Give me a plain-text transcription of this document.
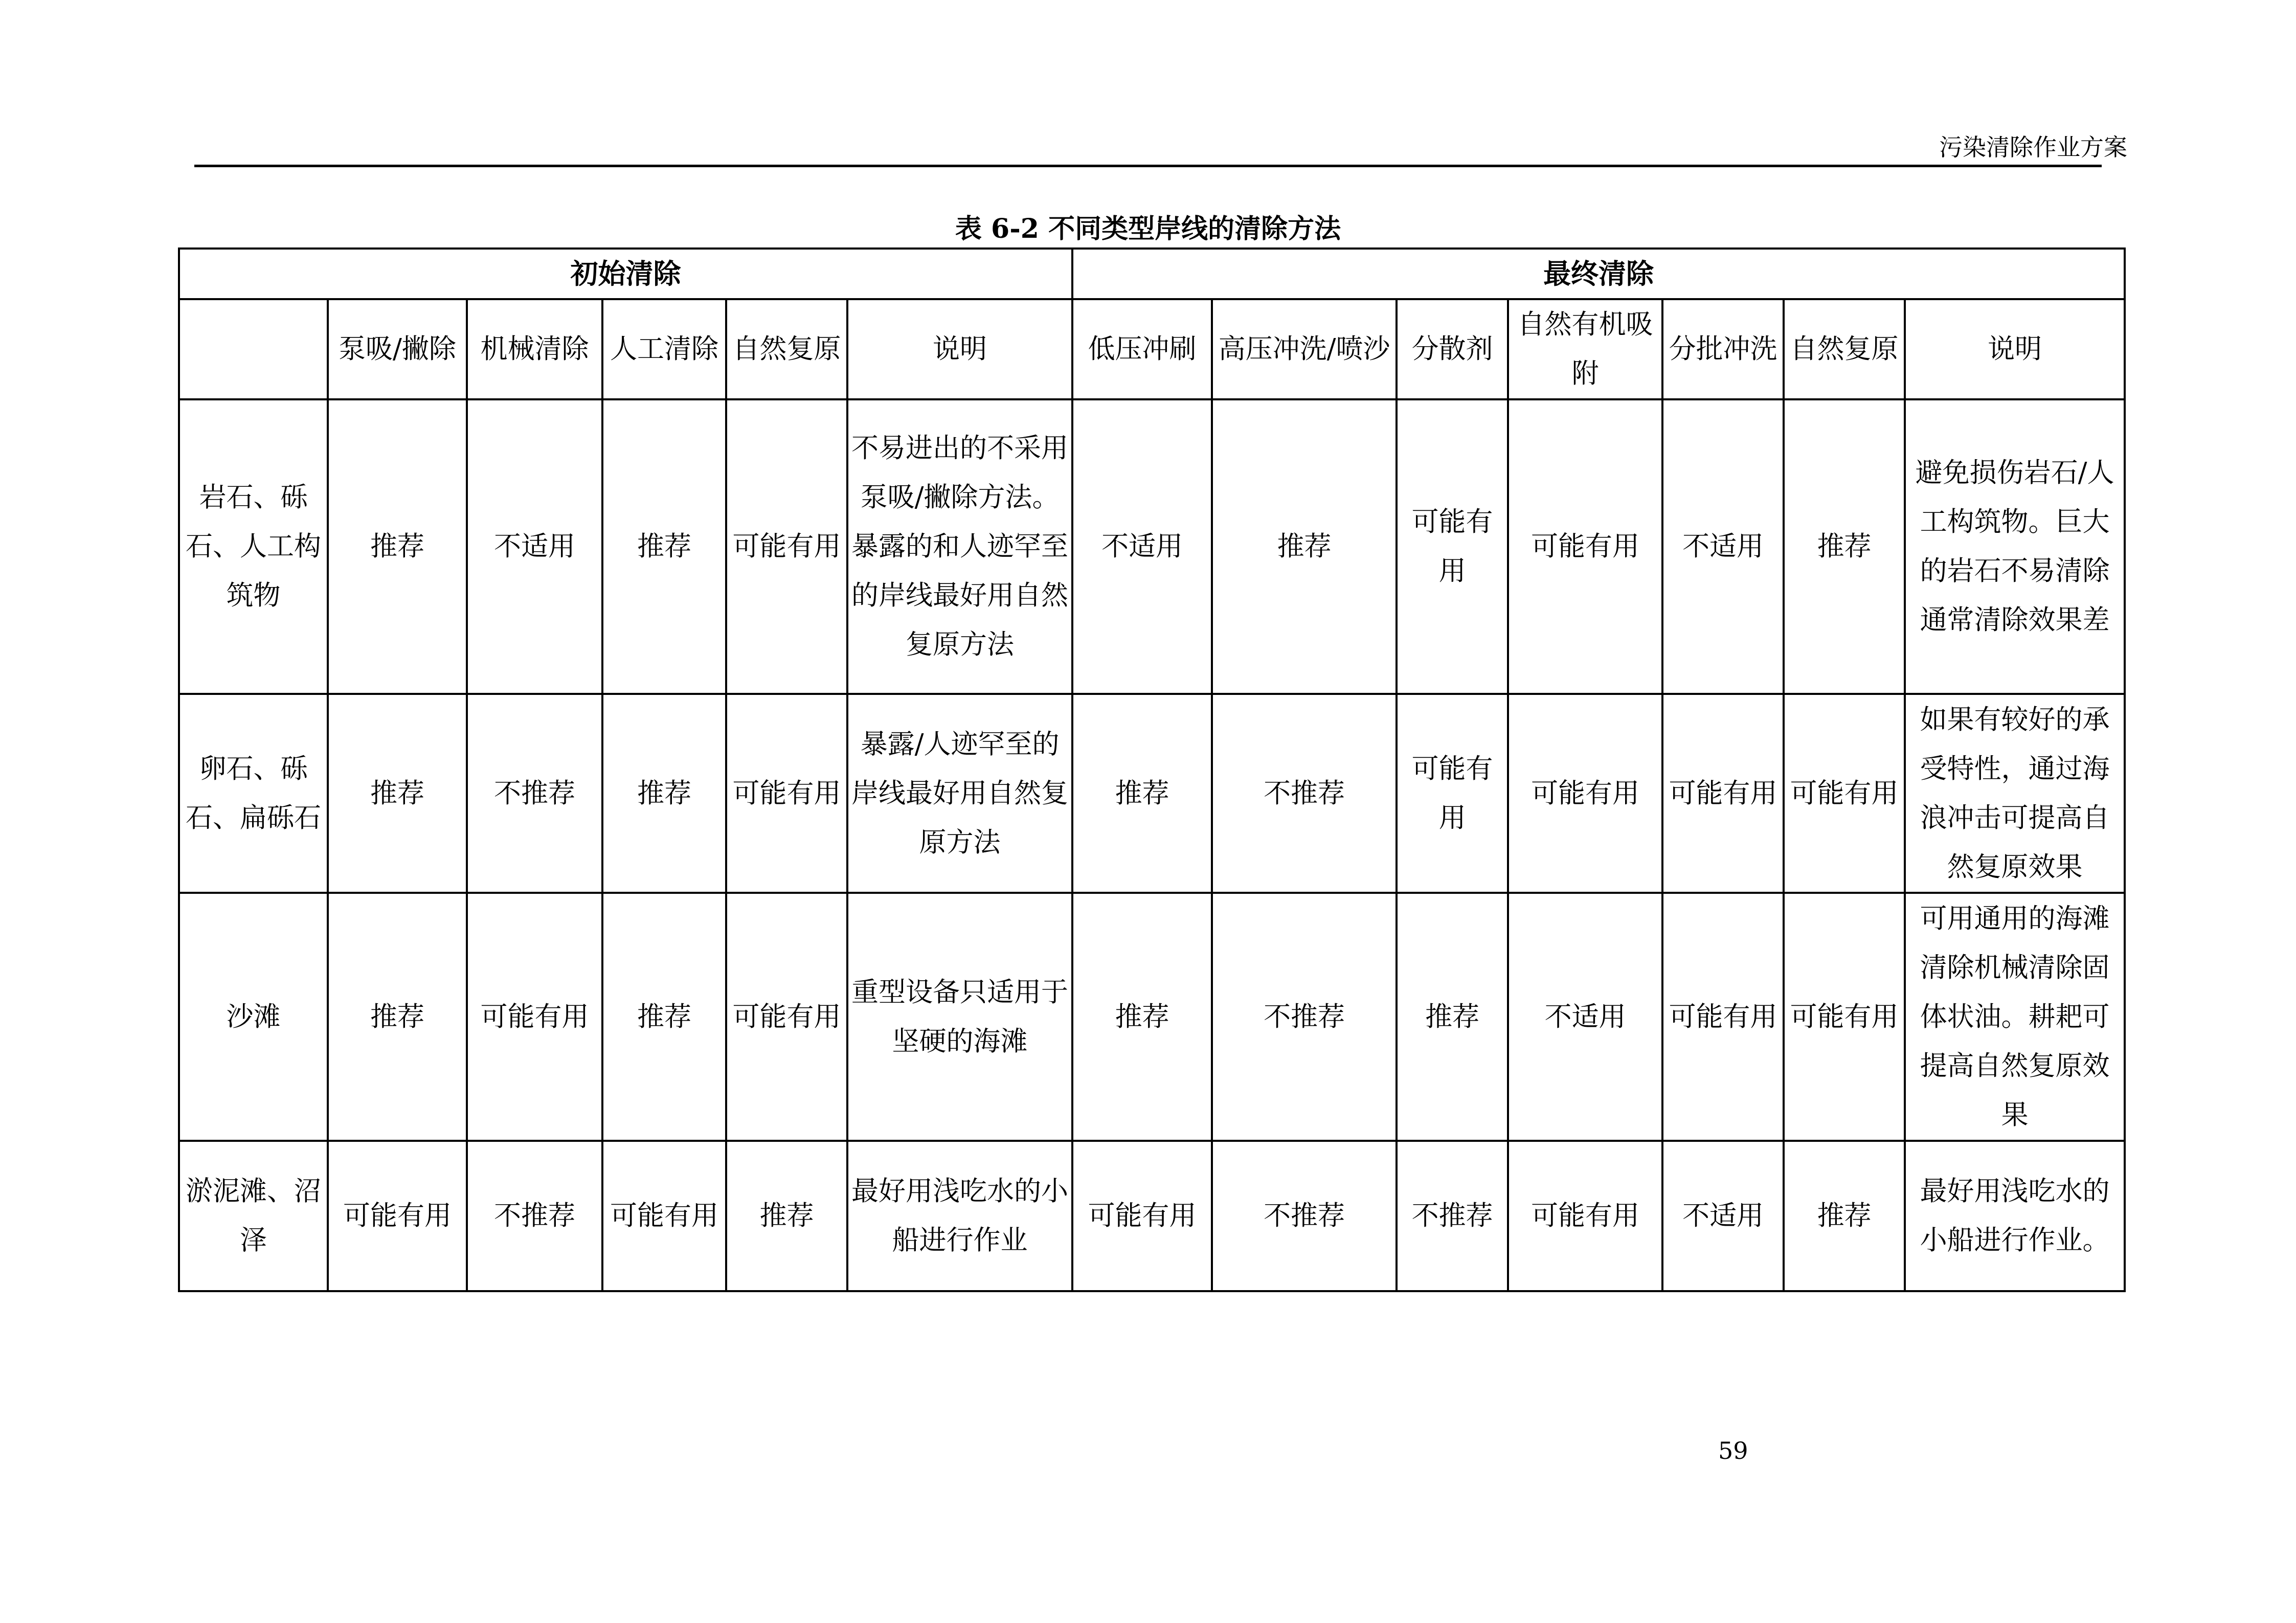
污染清除作业方案
表 6-2 不同类型岸线的清除方法
初始清除						最终清除						
	泵吸/撇除	机械清除	人工清除	自然复原	说明	低压冲刷	高压冲洗/喷沙	分散剂	自然有机吸附	分批冲洗	自然复原	说明
岩石、砾石、人工构筑物	推荐	不适用	推荐	可能有用	不易进出的不采用泵吸/撇除方法。暴露的和人迹罕至的岸线最好用自然复原方法	不适用	推荐	可能有用	可能有用	不适用	推荐	避免损伤岩石/人工构筑物。巨大的岩石不易清除通常清除效果差
卵石、砾石、扁砾石	推荐	不推荐	推荐	可能有用	暴露/人迹罕至的岸线最好用自然复原方法	推荐	不推荐	可能有用	可能有用	可能有用	可能有用	如果有较好的承受特性，通过海浪冲击可提高自然复原效果
沙滩	推荐	可能有用	推荐	可能有用	重型设备只适用于坚硬的海滩	推荐	不推荐	推荐	不适用	可能有用	可能有用	可用通用的海滩清除机械清除固体状油。耕耙可提高自然复原效果
淤泥滩、沼泽	可能有用	不推荐	可能有用	推荐	最好用浅吃水的小船进行作业	可能有用	不推荐	不推荐	可能有用	不适用	推荐	最好用浅吃水的小船进行作业。
59
